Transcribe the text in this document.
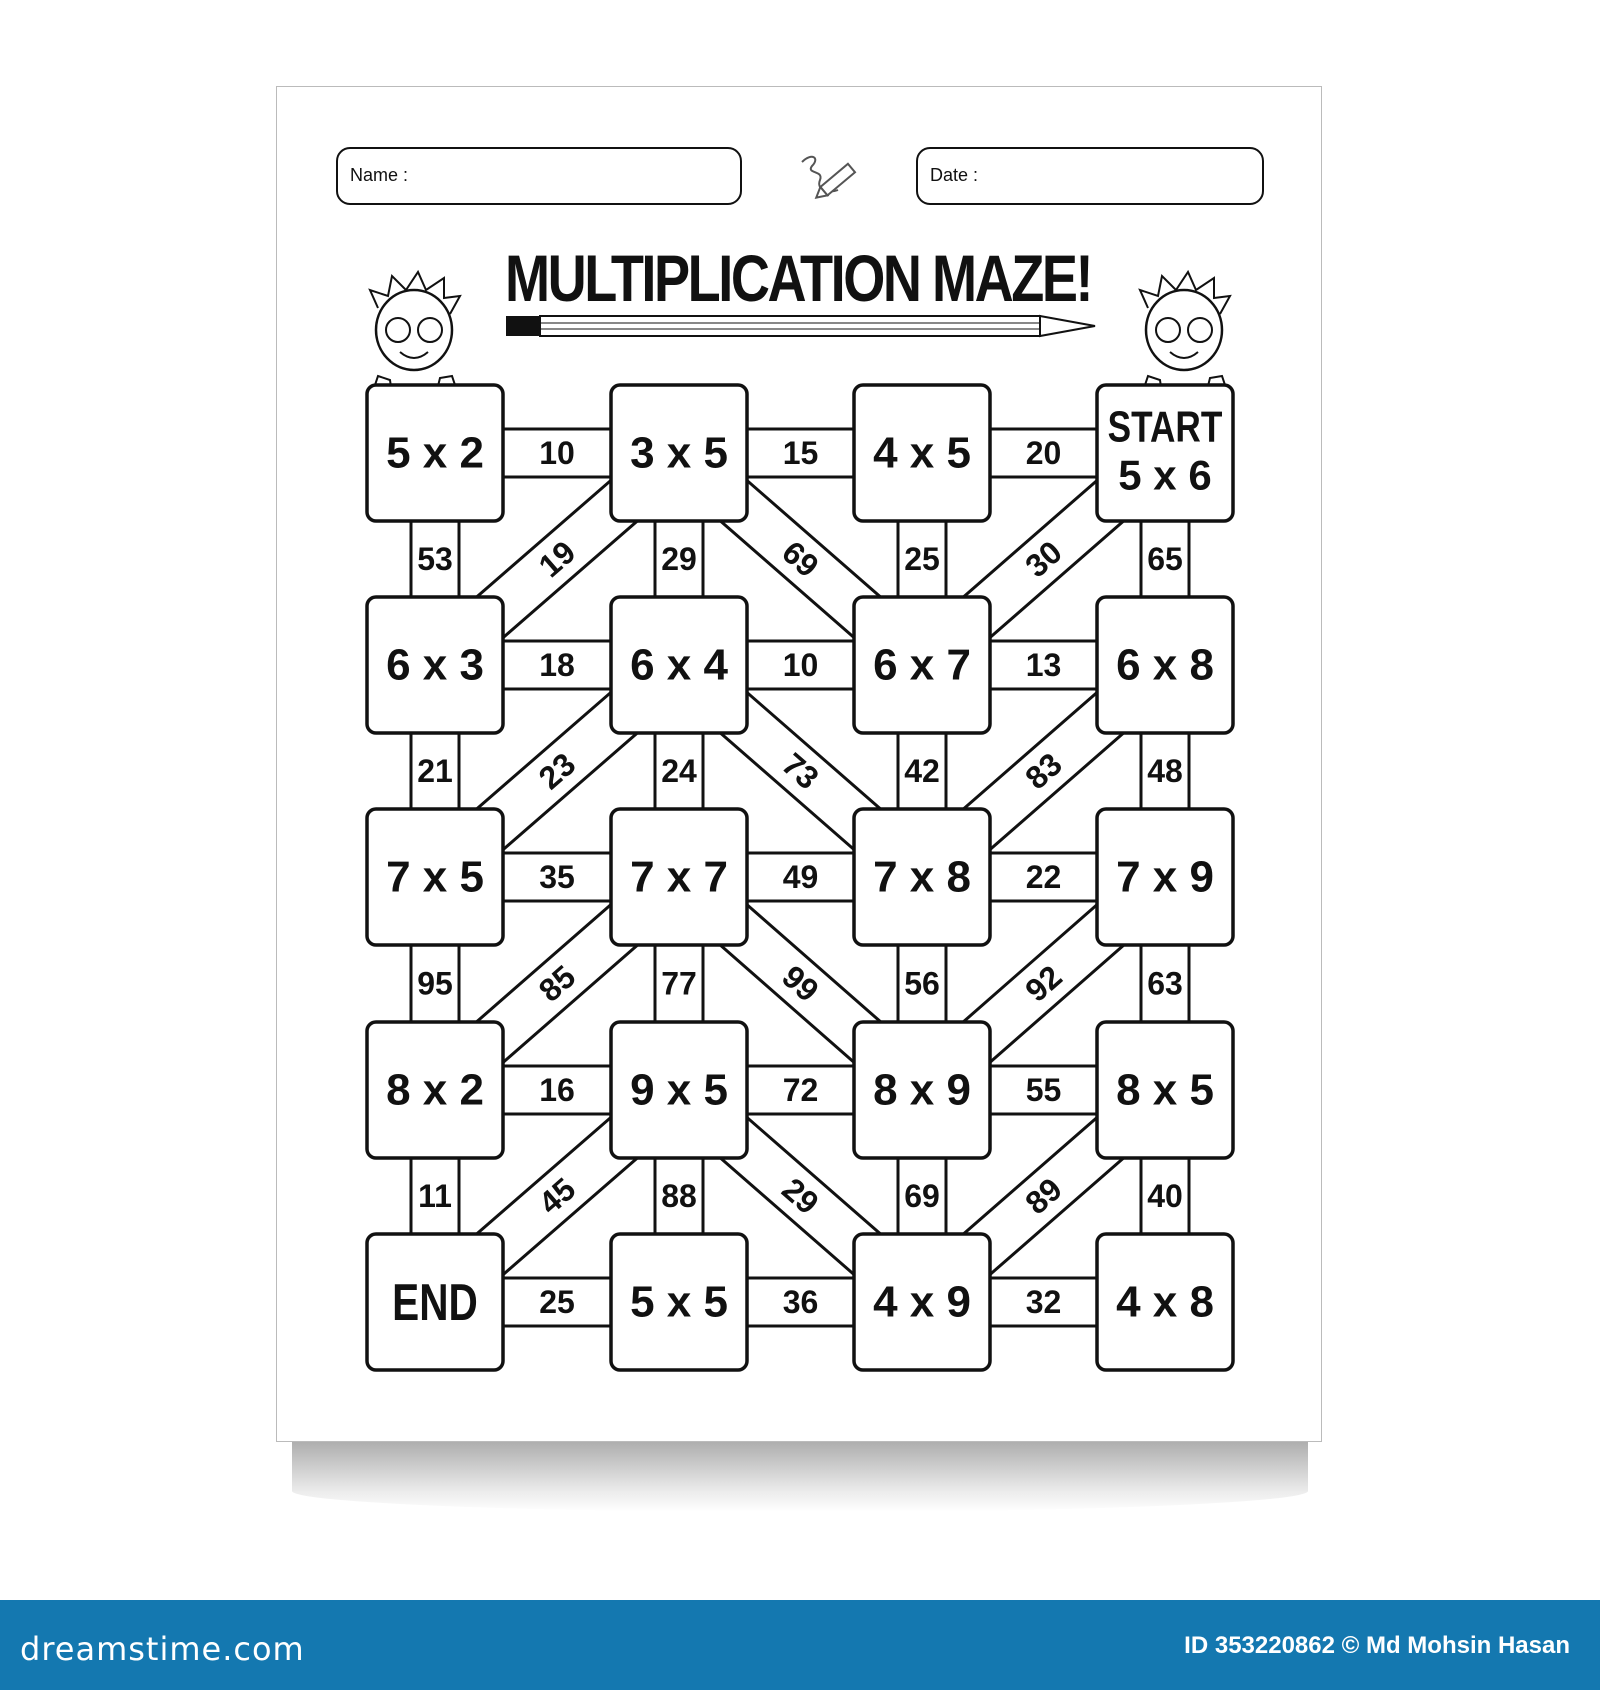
Name :	Date :
MULTIPLICATION MAZE!
19	69	30
23	73	83
85	99	92
45	29	89
53	29	25	65
21	24	42	48
95	77	56	63
11	88	69	40
10	15	20
18	10	13
35	49	22
16	72	55
25	36	32
5 x 2	3 x 5	4 x 5
START
5 x 6
6 x 3	6 x 4	6 x 7	6 x 8
7 x 5	7 x 7	7 x 8	7 x 9
8 x 2	9 x 5	8 x 9	8 x 5
END	5 x 5	4 x 9	4 x 8
dreamstime.com	ID 353220862 © Md Mohsin Hasan
